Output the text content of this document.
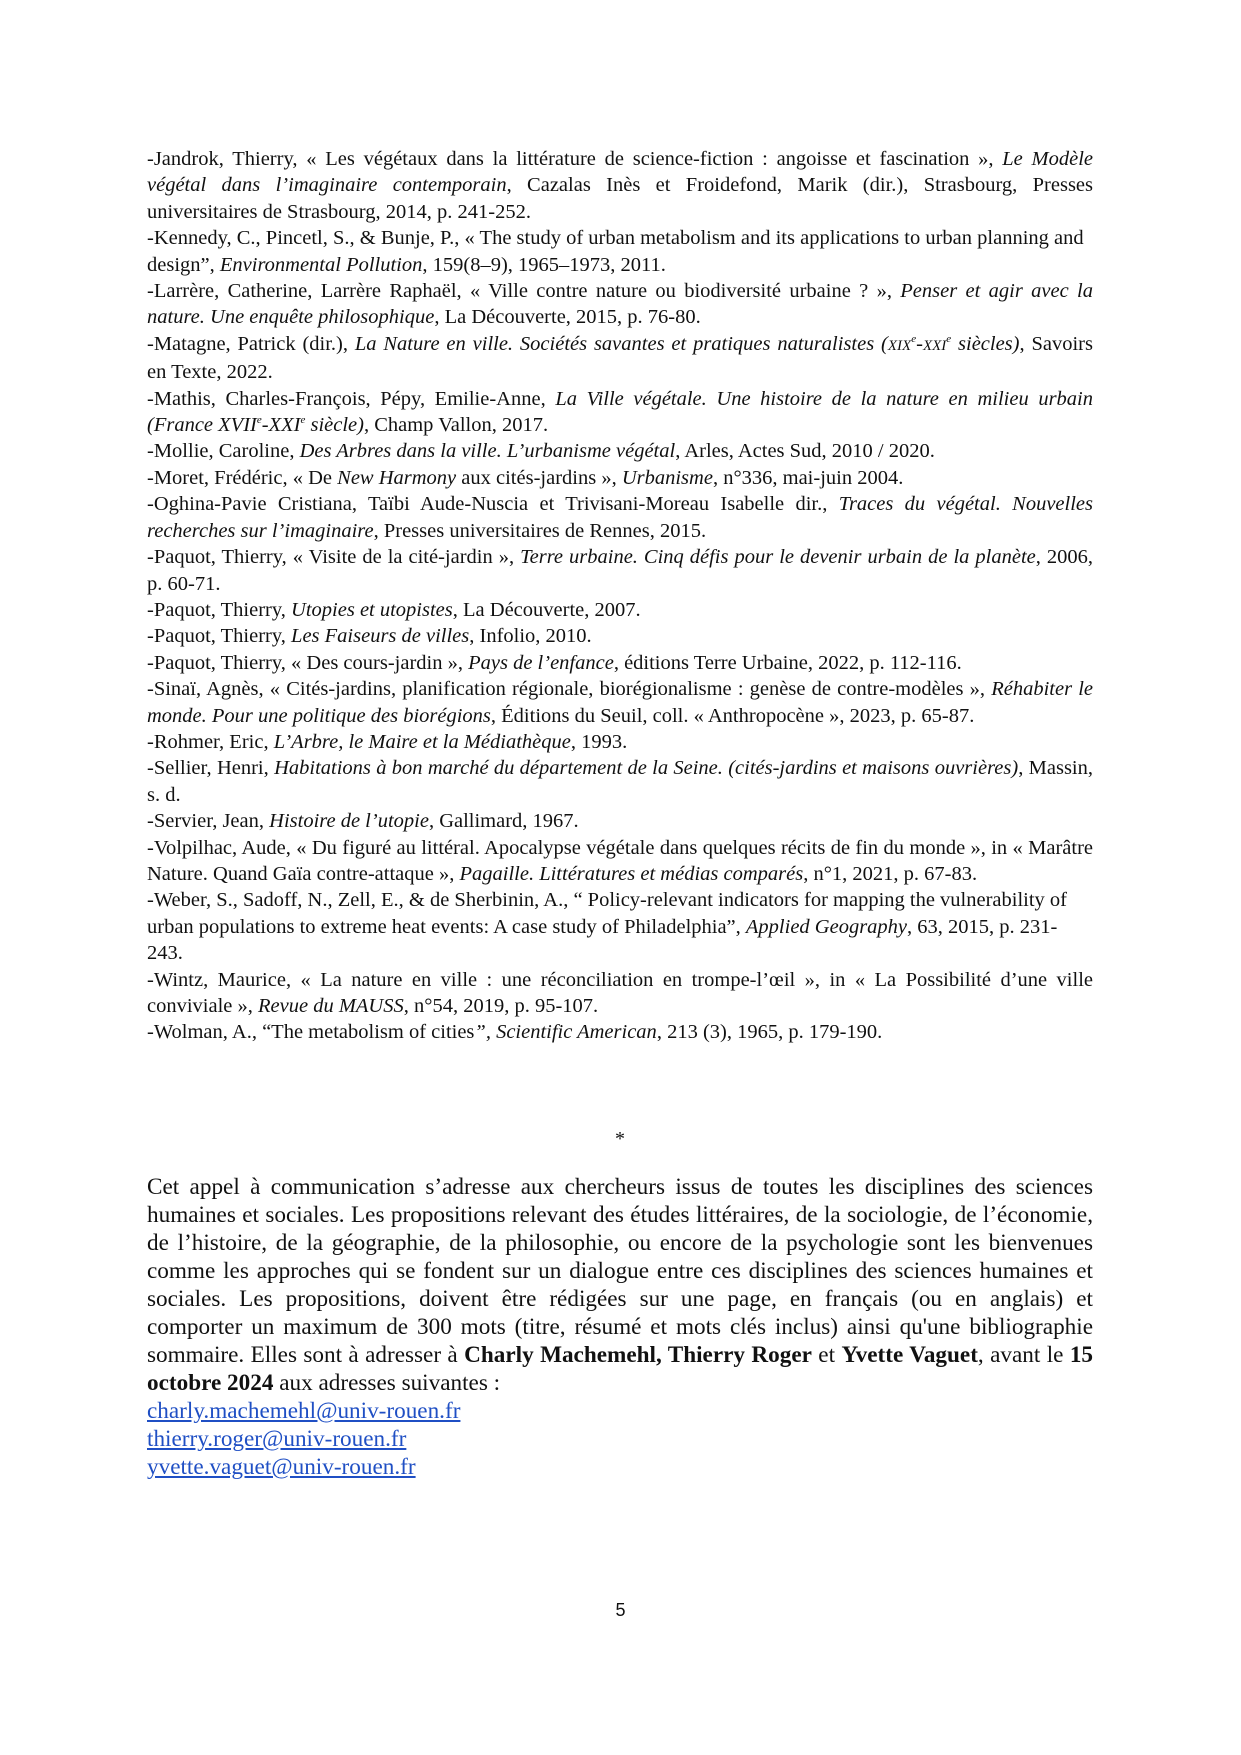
-Jandrok, Thierry, « Les végétaux dans la littérature de science-fiction : angoisse et fascination », Le Modèle végétal dans l’imaginaire contemporain, Cazalas Inès et Froidefond, Marik (dir.), Strasbourg, Presses universitaires de Strasbourg, 2014, p. 241-252.

-Kennedy, C., Pincetl, S., & Bunje, P., « The study of urban metabolism and its applications to urban planning and design”, Environmental Pollution, 159(8–9), 1965–1973, 2011.

-Larrère, Catherine, Larrère Raphaël, « Ville contre nature ou biodiversité urbaine ? », Penser et agir avec la nature. Une enquête philosophique, La Découverte, 2015, p. 76-80.

-Matagne, Patrick (dir.), La Nature en ville. Sociétés savantes et pratiques naturalistes (XIXe-XXIe siècles), Savoirs en Texte, 2022.

-Mathis, Charles-François, Pépy, Emilie-Anne, La Ville végétale. Une histoire de la nature en milieu urbain (France XVIIe-XXIe siècle), Champ Vallon, 2017.

-Mollie, Caroline, Des Arbres dans la ville. L’urbanisme végétal, Arles, Actes Sud, 2010 / 2020.

-Moret, Frédéric, « De New Harmony aux cités-jardins », Urbanisme, n°336, mai-juin 2004.

-Oghina-Pavie Cristiana, Taïbi Aude-Nuscia et Trivisani-Moreau Isabelle dir., Traces du végétal. Nouvelles recherches sur l’imaginaire, Presses universitaires de Rennes, 2015.

-Paquot, Thierry, « Visite de la cité-jardin », Terre urbaine. Cinq défis pour le devenir urbain de la planète, 2006, p. 60-71.

-Paquot, Thierry, Utopies et utopistes, La Découverte, 2007.

-Paquot, Thierry, Les Faiseurs de villes, Infolio, 2010.

-Paquot, Thierry, « Des cours-jardin », Pays de l’enfance, éditions Terre Urbaine, 2022, p. 112-116.

-Sinaï, Agnès, « Cités-jardins, planification régionale, biorégionalisme : genèse de contre-modèles », Réhabiter le monde. Pour une politique des biorégions, Éditions du Seuil, coll. « Anthropocène », 2023, p. 65-87.

-Rohmer, Eric, L’Arbre, le Maire et la Médiathèque, 1993.

-Sellier, Henri, Habitations à bon marché du département de la Seine. (cités-jardins et maisons ouvrières), Massin, s. d.

-Servier, Jean, Histoire de l’utopie, Gallimard, 1967.

-Volpilhac, Aude, « Du figuré au littéral. Apocalypse végétale dans quelques récits de fin du monde », in « Marâtre Nature. Quand Gaïa contre-attaque », Pagaille. Littératures et médias comparés, n°1, 2021, p. 67-83.

-Weber, S., Sadoff, N., Zell, E., & de Sherbinin, A., “ Policy-relevant indicators for mapping the vulnerability of urban populations to extreme heat events: A case study of Philadelphia”, Applied Geography, 63, 2015, p. 231-243.

-Wintz, Maurice, « La nature en ville : une réconciliation en trompe-l’œil », in « La Possibilité d’une ville conviviale », Revue du MAUSS, n°54, 2019, p. 95-107.

-Wolman, A., “The metabolism of cities”, Scientific American, 213 (3), 1965, p. 179-190.

*

Cet appel à communication s’adresse aux chercheurs issus de toutes les disciplines des sciences humaines et sociales. Les propositions relevant des études littéraires, de la sociologie, de l’économie, de l’histoire, de la géographie, de la philosophie, ou encore de la psychologie sont les bienvenues comme les approches qui se fondent sur un dialogue entre ces disciplines des sciences humaines et sociales. Les propositions, doivent être rédigées sur une page, en français (ou en anglais) et comporter un maximum de 300 mots (titre, résumé et mots clés inclus) ainsi qu'une bibliographie sommaire. Elles sont à adresser à Charly Machemehl, Thierry Roger et Yvette Vaguet, avant le 15 octobre 2024 aux adresses suivantes :

charly.machemehl@univ-rouen.fr
thierry.roger@univ-rouen.fr
yvette.vaguet@univ-rouen.fr
5
